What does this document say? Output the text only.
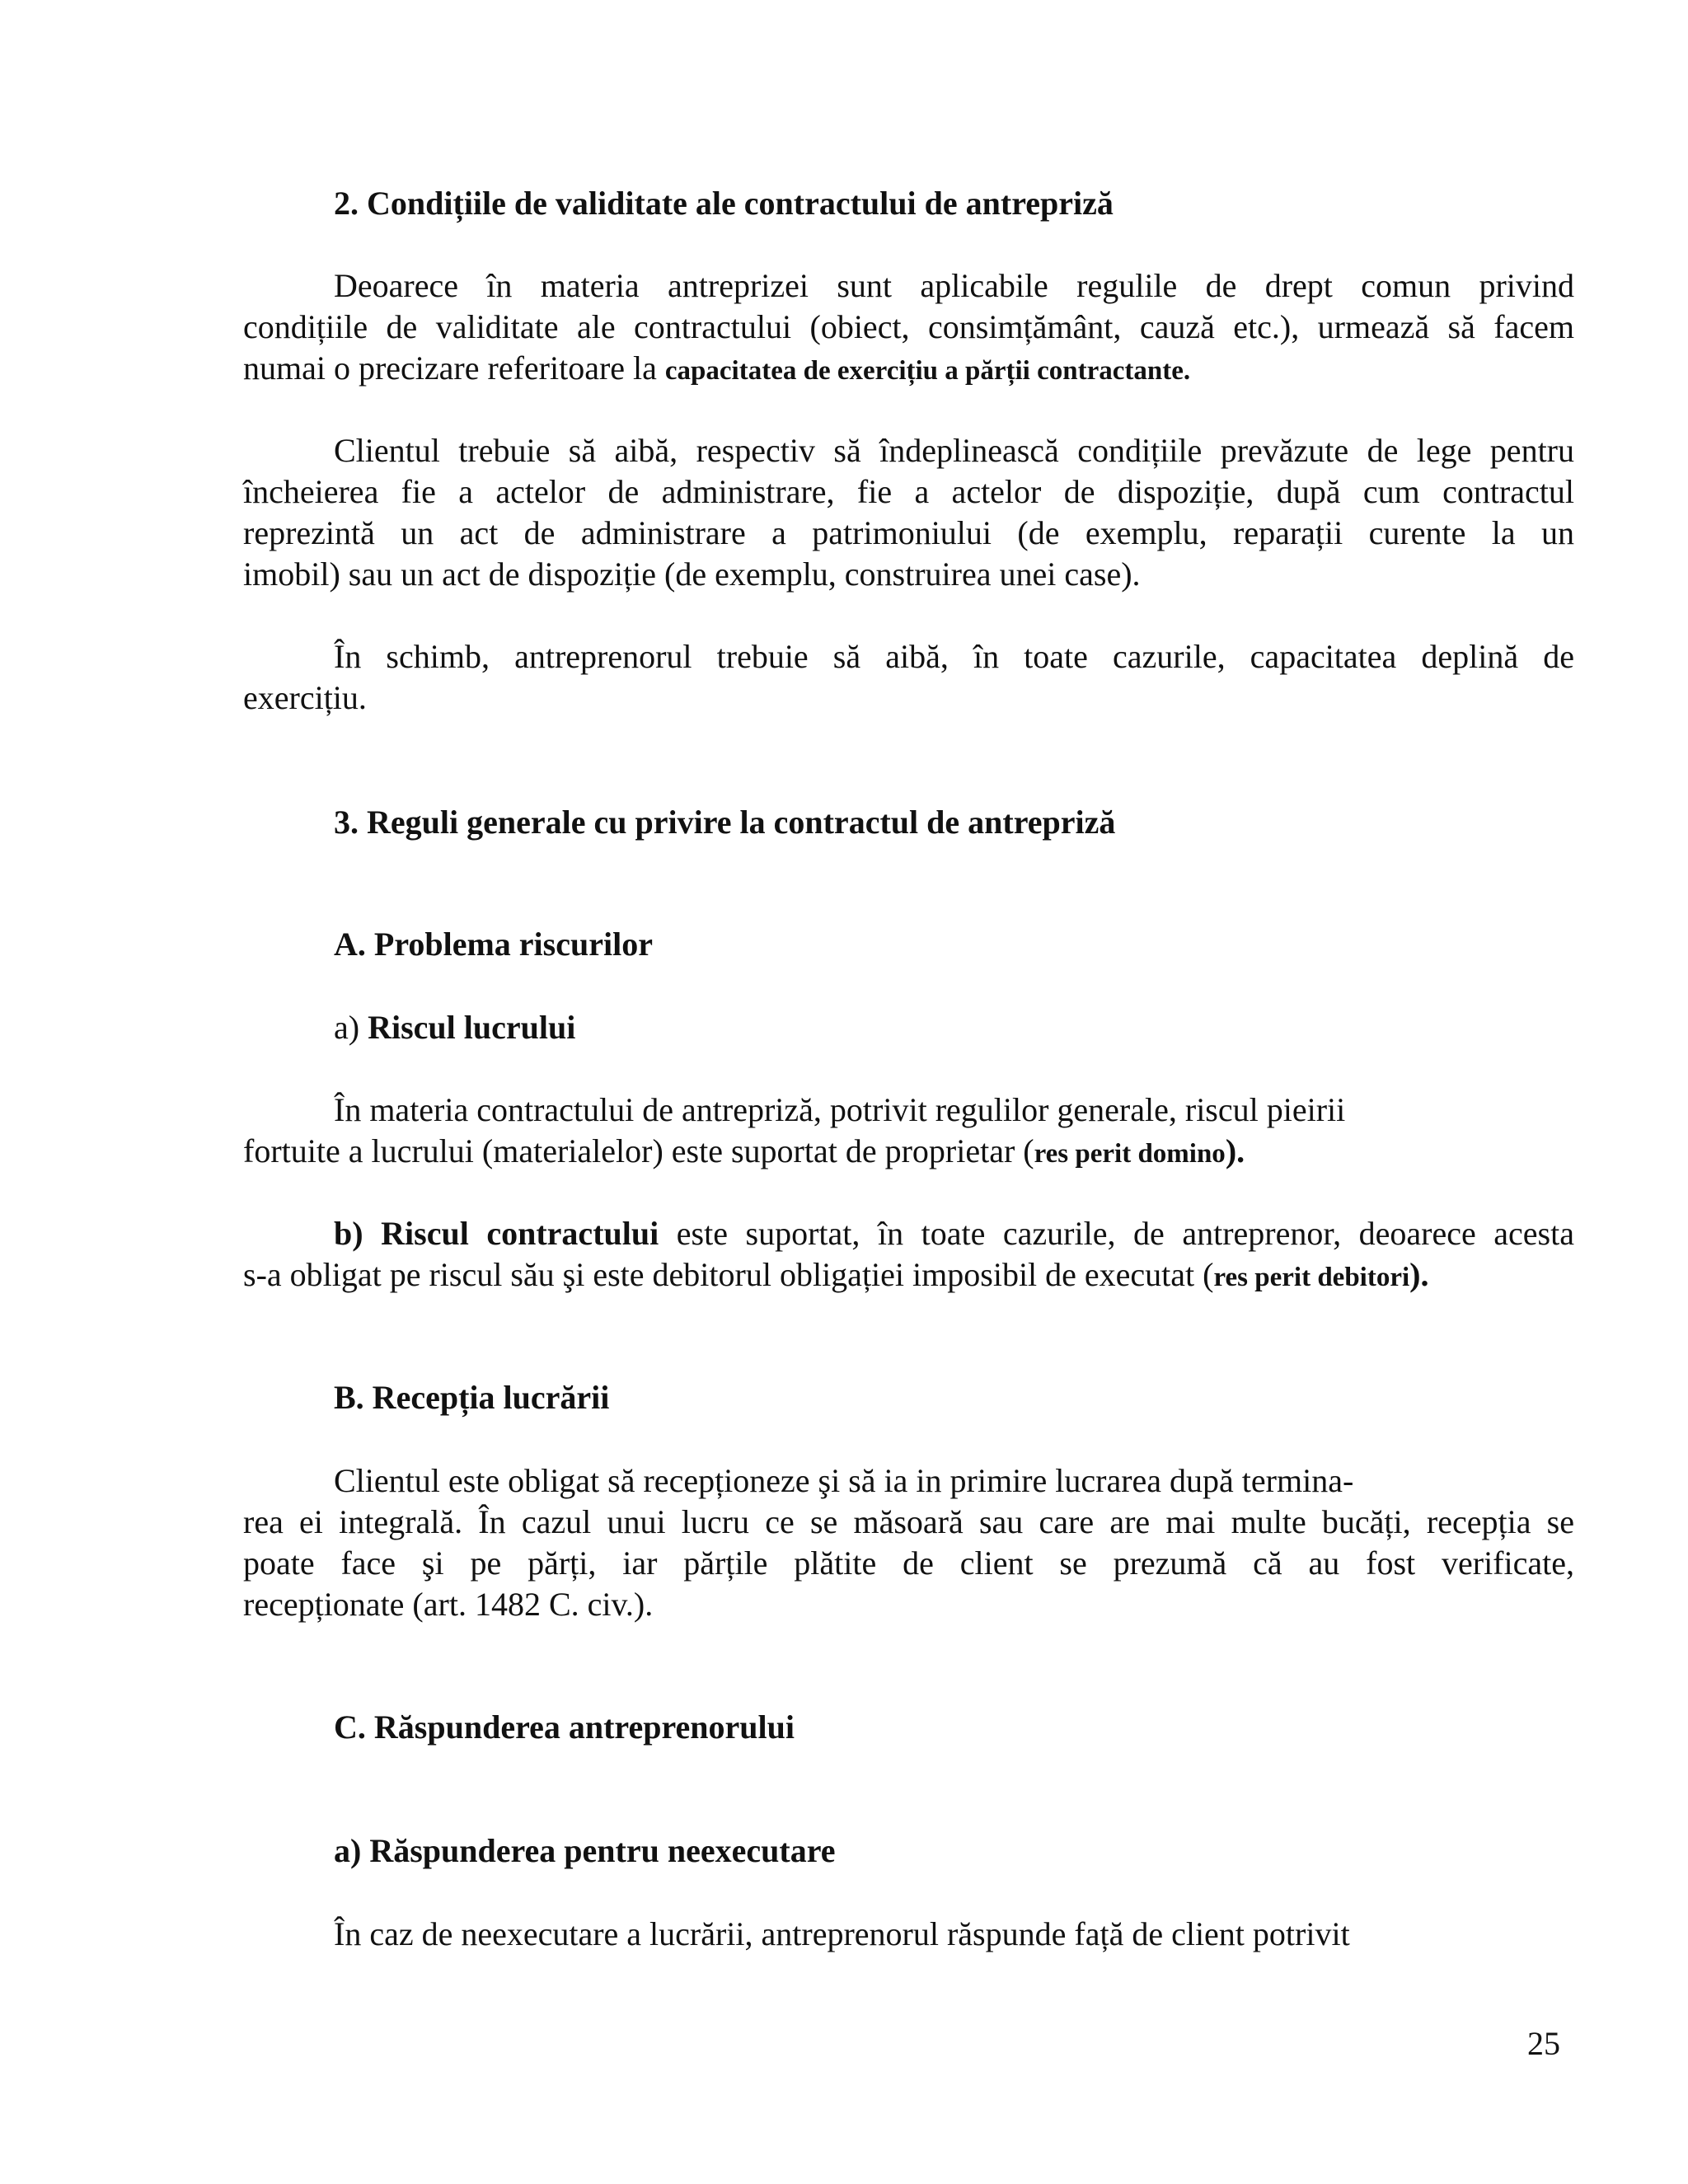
2. Condițiile de validitate ale contractului de antrepriză
Deoarece în materia antreprizei sunt aplicabile regulile de drept comun privind
condițiile de validitate ale contractului (obiect, consimțământ, cauză etc.), urmează să facem
numai o precizare referitoare la capacitatea de exercițiu a părții contractante.
Clientul trebuie să aibă, respectiv să îndeplinească condițiile prevăzute de lege pentru
încheierea fie a actelor de administrare, fie a actelor de dispoziție, după cum contractul
reprezintă un act de administrare a patrimoniului (de exemplu, reparații curente la un
imobil) sau un act de dispoziție (de exemplu, construirea unei case).
În schimb, antreprenorul trebuie să aibă, în toate cazurile, capacitatea deplină de
exercițiu.
3. Reguli generale cu privire la contractul de antrepriză
A. Problema riscurilor
a) Riscul lucrului
În materia contractului de antrepriză, potrivit regulilor generale, riscul pieirii
fortuite a lucrului (materialelor) este suportat de proprietar (res perit domino).
b) Riscul contractului este suportat, în toate cazurile, de antreprenor, deoarece acesta
s-a obligat pe riscul său şi este debitorul obligației imposibil de executat (res perit debitori).
B. Recepția lucrării
Clientul este obligat să recepționeze şi să ia in primire lucrarea după termina-
rea ei integrală. În cazul unui lucru ce se măsoară sau care are mai multe bucăți, recepția se
poate face şi pe părți, iar părțile plătite de client se prezumă că au fost verificate,
recepționate (art. 1482 C. civ.).
C. Răspunderea antreprenorului
a) Răspunderea pentru neexecutare
În caz de neexecutare a lucrării, antreprenorul răspunde față de client potrivit
25
